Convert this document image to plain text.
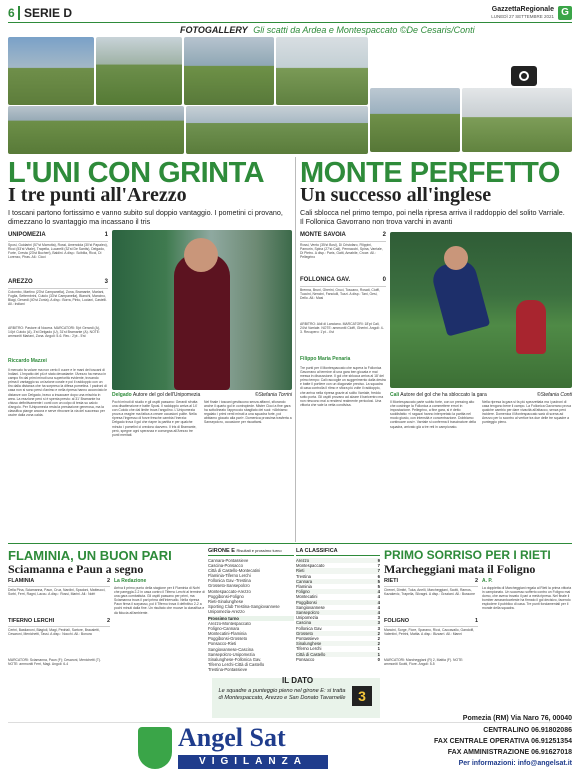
6 SERIE D	GazzettaRegionale
LUNEDÌ 27 SETTEMBRE 2021 G
FOTOGALLERY Gli scatti da Ardea e Montespaccato ©De Cesaris/Conti
L'UNI CON GRINTA
I tre punti all'Arezzo
I toscani partono fortissimo e vanno subito sul doppio vantaggio. I pometini ci provano, dimezzano lo svantaggio ma incassano il tris
UNIPOMEZIA	1
Sposi, Guidarini (57'st Marrotta), Rossi, Amendola (30'st Papaleo), Ricci (53'st Vitale), Trapella, Lucarelli (32'st De Santis), Delgado, Forte, Cresta (23'st Bucheri), Baldini. A disp.: Scibilia, Ricci, Di Lorenzo, Piras. All.: Cioci
AREZZO	3
Colombo, Martino (23'st Campanella), Zona, Bramante, Mariani, Foglia, Settembrini, Cutolo (33'st Campanella), Bianchi, Mancino, Biagi, Gerardi (40'st Zonta). A disp.: Borra, Pinto, Luciani, Castelli. All.: Indiani
ARBITRO: Pastore di Nocera. MARCATORI: 5'pt Gerardi (A), 14'pt Cutolo (A), 3'st Delgado (U), 31'st Bramante (A). NOTE: ammoniti Mariani, Zona. Angoli: 5-6. Rec.: 2'pt - 5'st
Delgado Autore del gol dell'Unipomezia	©Stefania Torrini
Riccardo Mazzei
Il mercato fa volare ma non certo il cuore e le mani dei toscani di Indiani. L'impatto dei più è stato devastante: l'Arezzo ha messo in campo fin dai primi minuti una superiorità evidente, trovando prima il vantaggio su un'azione corale e poi il raddoppio con un tiro dalla distanza che ha sorpreso la difesa pometina. I padroni di casa non si sono persi d'animo e nella ripresa hanno accorciato le distanze con Delgado, bravo a insaccare dopo una mischia in area. La reazione però si è spenta presto: al 31' Bramante ha chiuso definitivamente i conti con un colpo di testa su calcio d'angolo. Per l'Unipomezia resta la prestazione generosa, ma la classifica piange ancora e serve ritrovare la via del successo per uscire dalla zona calda.
Pochi minuti di studio e gli ospiti passano: Gerardi sfrutta una disattenzione e batte Sposi. Il raddoppio arriva al 14' con Cutolo che dal limite trova l'angolino. L'Unipomezia prova a reagire ma fatica a creare occasioni pulite. Nella ripresa l'ingresso di forze fresche cambia l'inerzia: Delgado trova il gol che riapre la partita e per qualche minuto i pometini ci credono davvero. Il tris di Bramante, però, spegne ogni speranza e consegna all'Arezzo tre punti meritati.
Nel finale i toscani gestiscono senza affanni, sfiorando anche il quarto gol in contropiede. Mister Cioci a fine gara ha sottolineato l'approccio sbagliato dei suoi: «Abbiamo regalato i primi venti minuti a una squadra forte, poi abbiamo giocato alla pari». Domenica prossima trasferta a Sansepolcro, occasione per riscattarsi.
MONTE PERFETTO
Un successo all'inglese
Cali sblocca nel primo tempo, poi nella ripresa arriva il raddoppio del solito Varriale. Il Follonica Gavorrano non trova varchi in avanti
MONTE SAVOIA	2
Rossi, Vento (35'st Bosi), Di Cristofaro, Filippini, Pamorin, Spina (27'st Cali), Pennacchi, Spina, Varriale, Di Pietro. A disp.: Paris, Gatti, Amabile, Croce. All.: Pellegrino
FOLLONICA GAV.	0
Brenna, Bruni, Gherini, Gruci, Toscano, Rosati, Cioffi, Tuccini, Nencini, Fanciulli, Tozzi. A disp.: Tani, Gesi, Dello. All.: Masi
ARBITRO: Aldi di Lanciano. MARCATORI: 18'pt Cali, 24'st Varriale. NOTE: ammoniti Cioffi, Gherini. Angoli: 4-3. Recupero: 1'pt - 4'st
Cali Autore del gol che ha sbloccato la gara	©Stefania Conti
Filippo Maria Penaria
Tre punti per il Montespaccato che supera la Follonica Gavorrano al termine di una gara ben giocata e mai messa in discussione. Il gol che sblocca arriva al 18' del primo tempo: Cali raccoglie un suggerimento dalla destra e batte il portiere con un diagonale preciso. La squadra di casa controlla il ritmo e sfiora più volte il raddoppio, che arriva nella ripresa grazie al solito Varriale, freddo sotto porta. Gli ospiti provano ad alzare il baricentro ma non riescono mai a rendersi realmente pericolosi. Una vittoria che vale la vetta condivisa.
Il Montespaccato parte subito forte, con un pressing alto che costringe la Follonica a commettere errori in impostazione. Pellegrino, a fine gara, si è detto soddisfatto: «I ragazzi hanno interpretato la partita nel modo giusto, con intensità e concentrazione. Dobbiamo continuare così». Varriale si conferma il trascinatore della squadra, arrivato già a tre reti in campionato.
Nella ripresa la gara si fa più spezzettata ma i padroni di casa tengono bene il campo. La Follonica Gavorrano prova qualche cambio per dare vivacità all'attacco, senza però incidere. Domenica il Montespaccato sarà di scena ad Arezzo per lo scontro al vertice tra due delle tre squadre a punteggio pieno.
FLAMINIA, UN BUON PARI
Sciamanna e Paun a segno
FLAMINIA	2
Della Pina, Sciamanna, Paun, Cruz, Nardini, Spadoni, Matteucci, Sorbi, Ferri, Ragni, Laccu. A disp.: Rossi, Marini. All.: Nofri
TIFERNO LERCHI	2
Cerini, Bastianoni, Biagioli, Magi, Pedriali, Sartore, Bracaletti, Cesaroni, Menichetti, Tassi. A disp.: Nocchi. All.: Bonura
MARCATORI: Sciamanna, Paun (F); Cesaroni, Menichetti (T). NOTE: ammoniti Ferri, Magi. Angoli: 6-4
La Redazione
Arriva il primo punto della stagione per il Flaminia di Nofri che pareggia 2-2 in casa contro il Tiferno Lerchi al termine di una gara combattuta. Gli ospiti passano per primi, ma Sciamanna trova il pari prima dell'intervallo. Nella ripresa Paun firma il sorpasso, poi il Tiferno trova il definitivo 2-2 a pochi minuti dalla fine. Un risultato che muove la classifica e dà fiducia all'ambiente.
GIRONE E Risultati e prossimo turno
Cannara-Pontassieve
Cascina-Ponsacco
Città di Castello-Montecatini
Flaminia-Tiferno Lerchi
Follonica Gav.-Trestina
Grosseto-Sansepolcro
Montespaccato-Arezzo
Poggibonsi-Foligno
Rieti-Sinalunghese
Sporting Club Trestina-Sangiovannese
Unipomezia-Arezzo
Prossimo turno
Arezzo-Montespaccato
Foligno-Cannara
Montecatini-Flaminia
Poggibonsi-Grosseto
Ponsacco-Rieti
Sangiovannese-Cascina
Sansepolcro-Unipomezia
Sinalunghese-Follonica Gav.
Tiferno Lerchi-Città di Castello
Trestina-Pontassieve
LA CLASSIFICA
Arezzo	9
Montespaccato	7
Rieti	7
Trestina	6
Cannara	5
Flaminia	5
Foligno	4
Montecatini	4
Poggibonsi	4
Sangiovannese	4
Sansepolcro	4
Unipomezia	3
Cascina	3
Follonica Gav.	3
Grosseto	2
Pontassieve	2
Sinalunghese	2
Tiferno Lerchi	1
Città di Castello	1
Ponsacco	0
IL DATO
3
Le squadre a punteggio pieno nel girone E: si tratta di Montespaccato, Arezzo e San Donato Tavarnelle
PRIMO SORRISO PER I RIETI
Marcheggiani mata il Foligno
RIETI	2
Cirenei, Dimitri, Tuka, Anelli, Marcheggiani, Scotti, Ramos, Kazakevic, Trapella, Silvagni. A disp.: Graziani. All.: Bussone
FOLIGNO	1
Mancini, Sorge, Fiore, Sparano, Ricci, Caccavallo, Gandolfi, Valentini, Petrini, Mattia. A disp.: Bizzarri. All.: Manni
MARCATORI: Marcheggiani (R) 2, Mattia (F). NOTE: ammoniti Scotti, Fiore. Angoli: 5-5
A. P.
La doppietta di Marcheggiani regala al Rieti la prima vittoria in campionato. Un successo sofferto contro un Foligno mai domo, che aveva trovato il pari a metà ripresa. Nel finale il bomber amarantoceleste ha firmato il gol decisivo, facendo esplodere il pubblico di casa. Tre punti fondamentali per il morale della squadra.
Angel Sat
VIGILANZA
Pomezia (RM) Via Naro 76, 00040
CENTRALINO 06.91802086
FAX CENTRALE OPERATIVA 06.91251354
FAX AMMINISTRAZIONE 06.91627018
Per informazioni: info@angelsat.it
